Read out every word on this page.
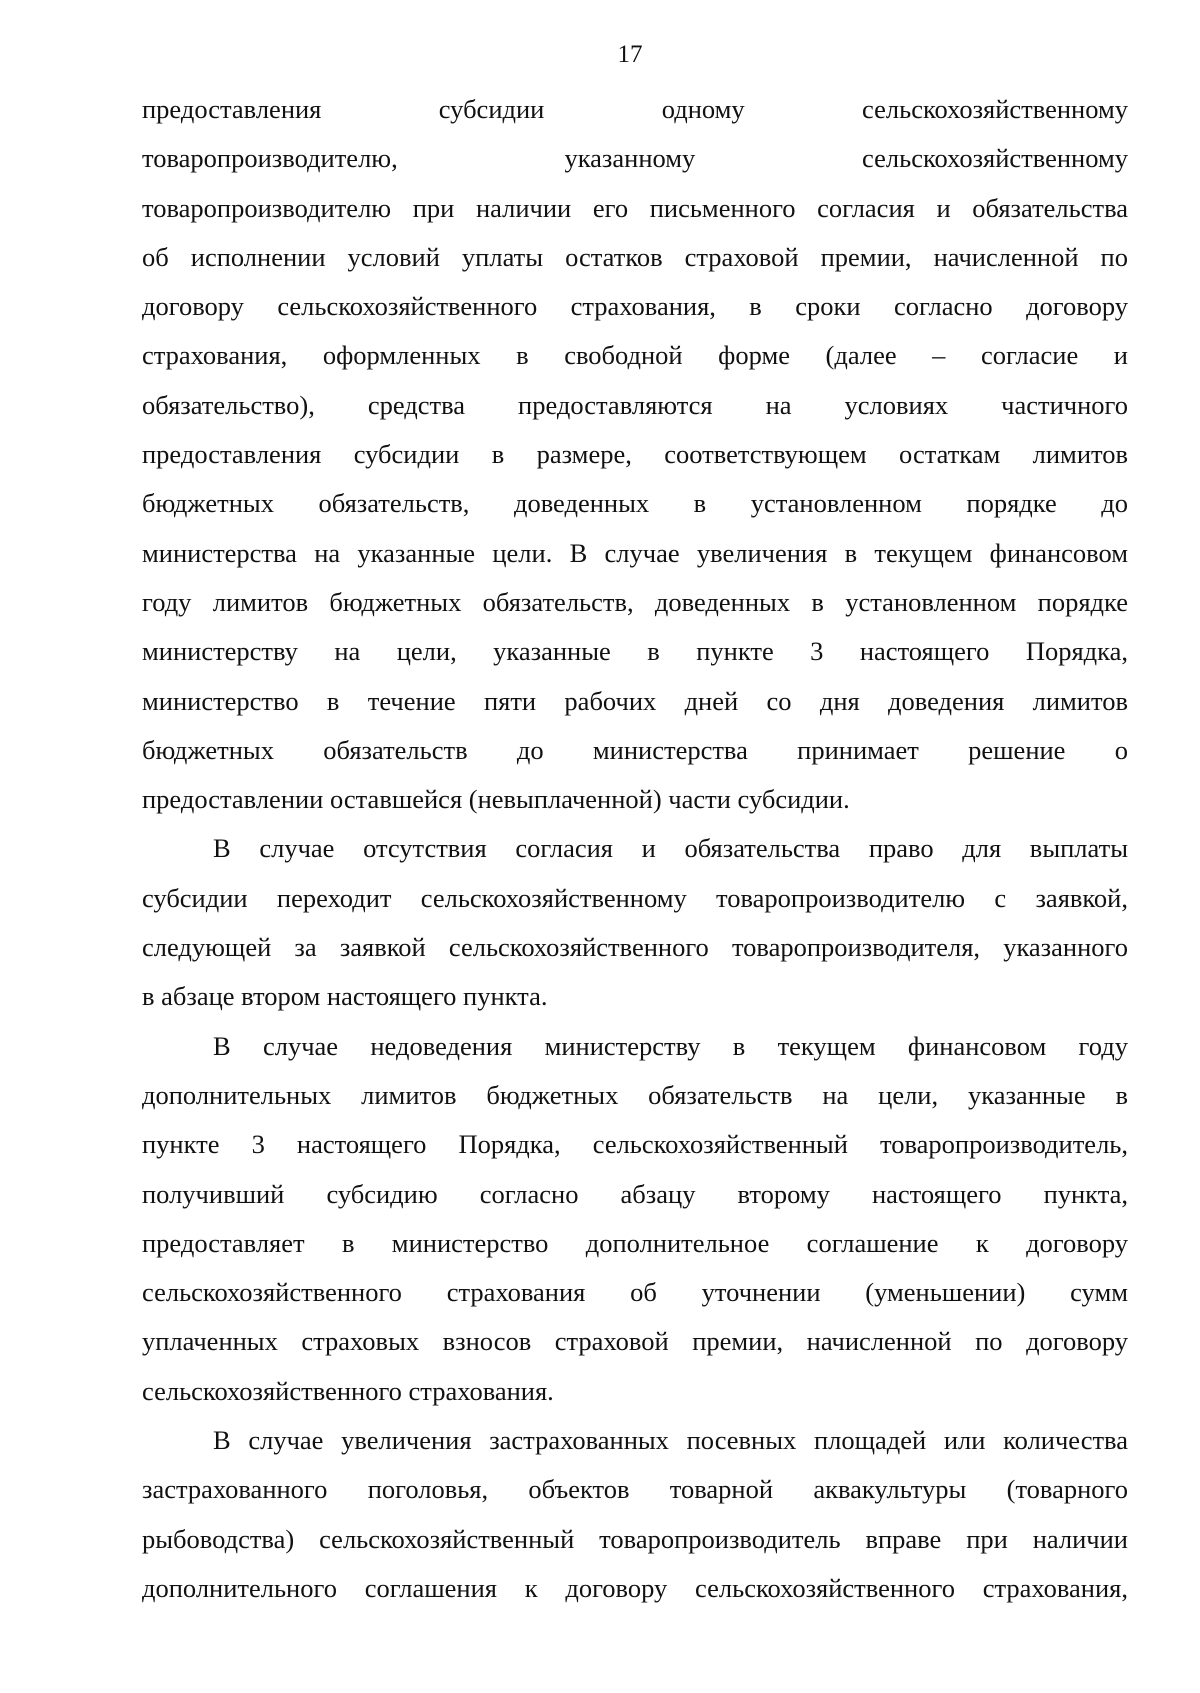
17
предоставления субсидии одному сельскохозяйственному
товаропроизводителю, указанному сельскохозяйственному
товаропроизводителю при наличии его письменного согласия и обязательства
об исполнении условий уплаты остатков страховой премии, начисленной по
договору сельскохозяйственного страхования, в сроки согласно договору
страхования, оформленных в свободной форме (далее – согласие и
обязательство), средства предоставляются на условиях частичного
предоставления субсидии в размере, соответствующем остаткам лимитов
бюджетных обязательств, доведенных в установленном порядке до
министерства на указанные цели. В случае увеличения в текущем финансовом
году лимитов бюджетных обязательств, доведенных в установленном порядке
министерству на цели, указанные в пункте 3 настоящего Порядка,
министерство в течение пяти рабочих дней со дня доведения лимитов
бюджетных обязательств до министерства принимает решение о
предоставлении оставшейся (невыплаченной) части субсидии.
В случае отсутствия согласия и обязательства право для выплаты
субсидии переходит сельскохозяйственному товаропроизводителю с заявкой,
следующей за заявкой сельскохозяйственного товаропроизводителя, указанного
в абзаце втором настоящего пункта.
В случае недоведения министерству в текущем финансовом году
дополнительных лимитов бюджетных обязательств на цели, указанные в
пункте 3 настоящего Порядка, сельскохозяйственный товаропроизводитель,
получивший субсидию согласно абзацу второму настоящего пункта,
предоставляет в министерство дополнительное соглашение к договору
сельскохозяйственного страхования об уточнении (уменьшении) сумм
уплаченных страховых взносов страховой премии, начисленной по договору
сельскохозяйственного страхования.
В случае увеличения застрахованных посевных площадей или количества
застрахованного поголовья, объектов товарной аквакультуры (товарного
рыбоводства) сельскохозяйственный товаропроизводитель вправе при наличии
дополнительного соглашения к договору сельскохозяйственного страхования,
